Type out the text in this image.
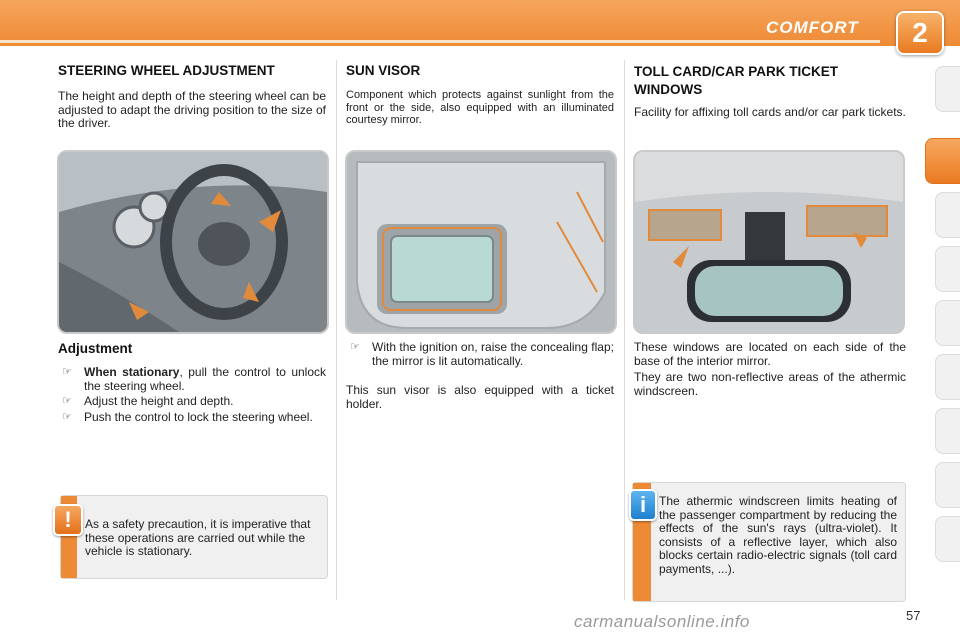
COMFORT	2
STEERING WHEEL ADJUSTMENT

The height and depth of the steering wheel can be adjusted to adapt the driving position to the size of the driver.

Adjustment
☞ When stationary, pull the control to unlock the steering wheel.
☞ Adjust the height and depth.
☞ Push the control to lock the steering wheel.
!	As a safety precaution, it is imperative that these operations are carried out while the vehicle is stationary.

SUN VISOR

Component which protects against sunlight from the front or the side, also equipped with an illuminated courtesy mirror.

☞ With the ignition on, raise the concealing flap; the mirror is lit automatically.

This sun visor is also equipped with a ticket holder.

TOLL CARD/CAR PARK TICKET WINDOWS

Facility for affixing toll cards and/or car park tickets.

These windows are located on each side of the base of the interior mirror.

They are two non-reflective areas of the athermic windscreen.

i	The athermic windscreen limits heating of the passenger compartment by reducing the effects of the sun's rays (ultra-violet). It consists of a reflective layer, which also blocks certain radio-electric signals (toll card payments, ...).

carmanualsonline.info	57
